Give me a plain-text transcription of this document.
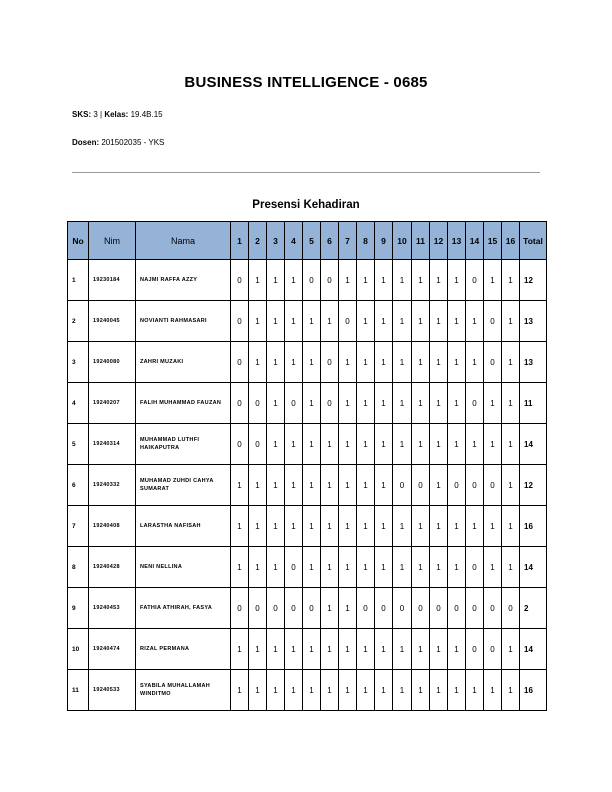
BUSINESS INTELLIGENCE - 0685
SKS: 3 | Kelas: 19.4B.15
Dosen: 201502035 - YKS
Presensi Kehadiran
No	Nim	Nama	1	2	3	4	5	6	7	8	9	10	11	12	13	14	15	16	Total
1	19230184	NAJMI RAFFA AZZY	0	1	1	1	0	0	1	1	1	1	1	1	1	0	1	1	12
2	19240045	NOVIANTI RAHMASARI	0	1	1	1	1	1	0	1	1	1	1	1	1	1	0	1	13
3	19240080	ZAHRI MUZAKI	0	1	1	1	1	0	1	1	1	1	1	1	1	1	0	1	13
4	19240207	FALIH MUHAMMAD FAUZAN	0	0	1	0	1	0	1	1	1	1	1	1	1	0	1	1	11
5	19240314	MUHAMMAD LUTHFI HAIKAPUTRA	0	0	1	1	1	1	1	1	1	1	1	1	1	1	1	1	14
6	19240332	MUHAMAD ZUHDI CAHYA SUMARAT	1	1	1	1	1	1	1	1	1	0	0	1	0	0	0	1	12
7	19240408	LARASTHA NAFISAH	1	1	1	1	1	1	1	1	1	1	1	1	1	1	1	1	16
8	19240428	NENI NELLINA	1	1	1	0	1	1	1	1	1	1	1	1	1	0	1	1	14
9	19240453	FATHIA ATHIRAH, FASYA	0	0	0	0	0	1	1	0	0	0	0	0	0	0	0	0	2
10	19240474	RIZAL PERMANA	1	1	1	1	1	1	1	1	1	1	1	1	1	0	0	1	14
11	19240533	SYABILA MUHALLAMAH WINDITMO	1	1	1	1	1	1	1	1	1	1	1	1	1	1	1	1	16
